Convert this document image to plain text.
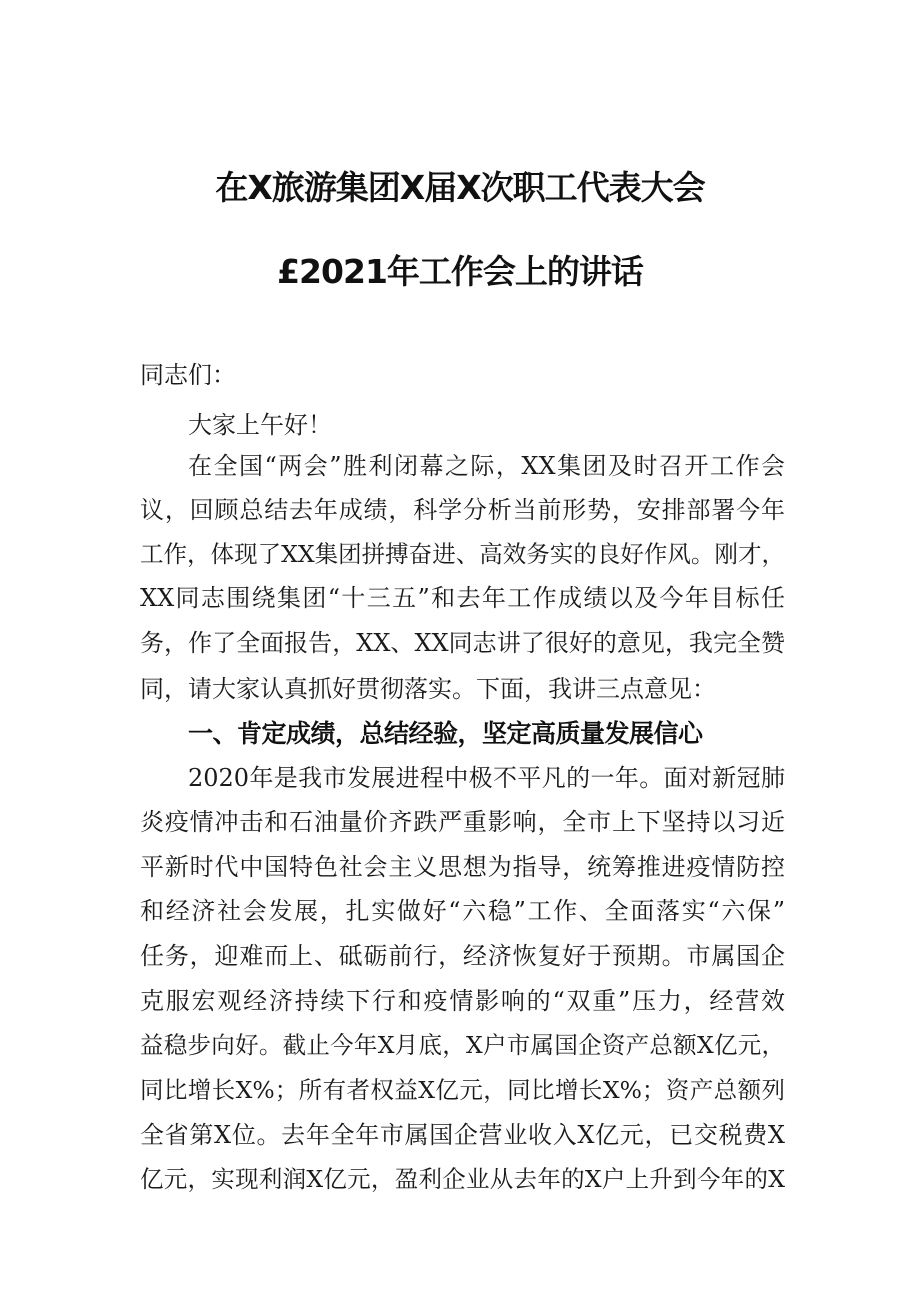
在X旅游集团X届X次职工代表大会
£2021年工作会上的讲话
同志们：
大家上午好！
在全国“两会”胜利闭幕之际，XX集团及时召开工作会
议，回顾总结去年成绩，科学分析当前形势，安排部署今年
工作，体现了XX集团拼搏奋进、高效务实的良好作风。刚才，
XX同志围绕集团“十三五”和去年工作成绩以及今年目标任
务，作了全面报告，XX、XX同志讲了很好的意见，我完全赞
同，请大家认真抓好贯彻落实。下面，我讲三点意见：
一、肯定成绩，总结经验，坚定高质量发展信心
2020年是我市发展进程中极不平凡的一年。面对新冠肺
炎疫情冲击和石油量价齐跌严重影响，全市上下坚持以习近
平新时代中国特色社会主义思想为指导，统筹推进疫情防控
和经济社会发展，扎实做好“六稳”工作、全面落实“六保”
任务，迎难而上、砥砺前行，经济恢复好于预期。市属国企
克服宏观经济持续下行和疫情影响的“双重”压力，经营效
益稳步向好。截止今年X月底，X户市属国企资产总额X亿元，
同比增长X%；所有者权益X亿元，同比增长X%；资产总额列
全省第X位。去年全年市属国企营业收入X亿元，已交税费X
亿元，实现利润X亿元，盈利企业从去年的X户上升到今年的X
